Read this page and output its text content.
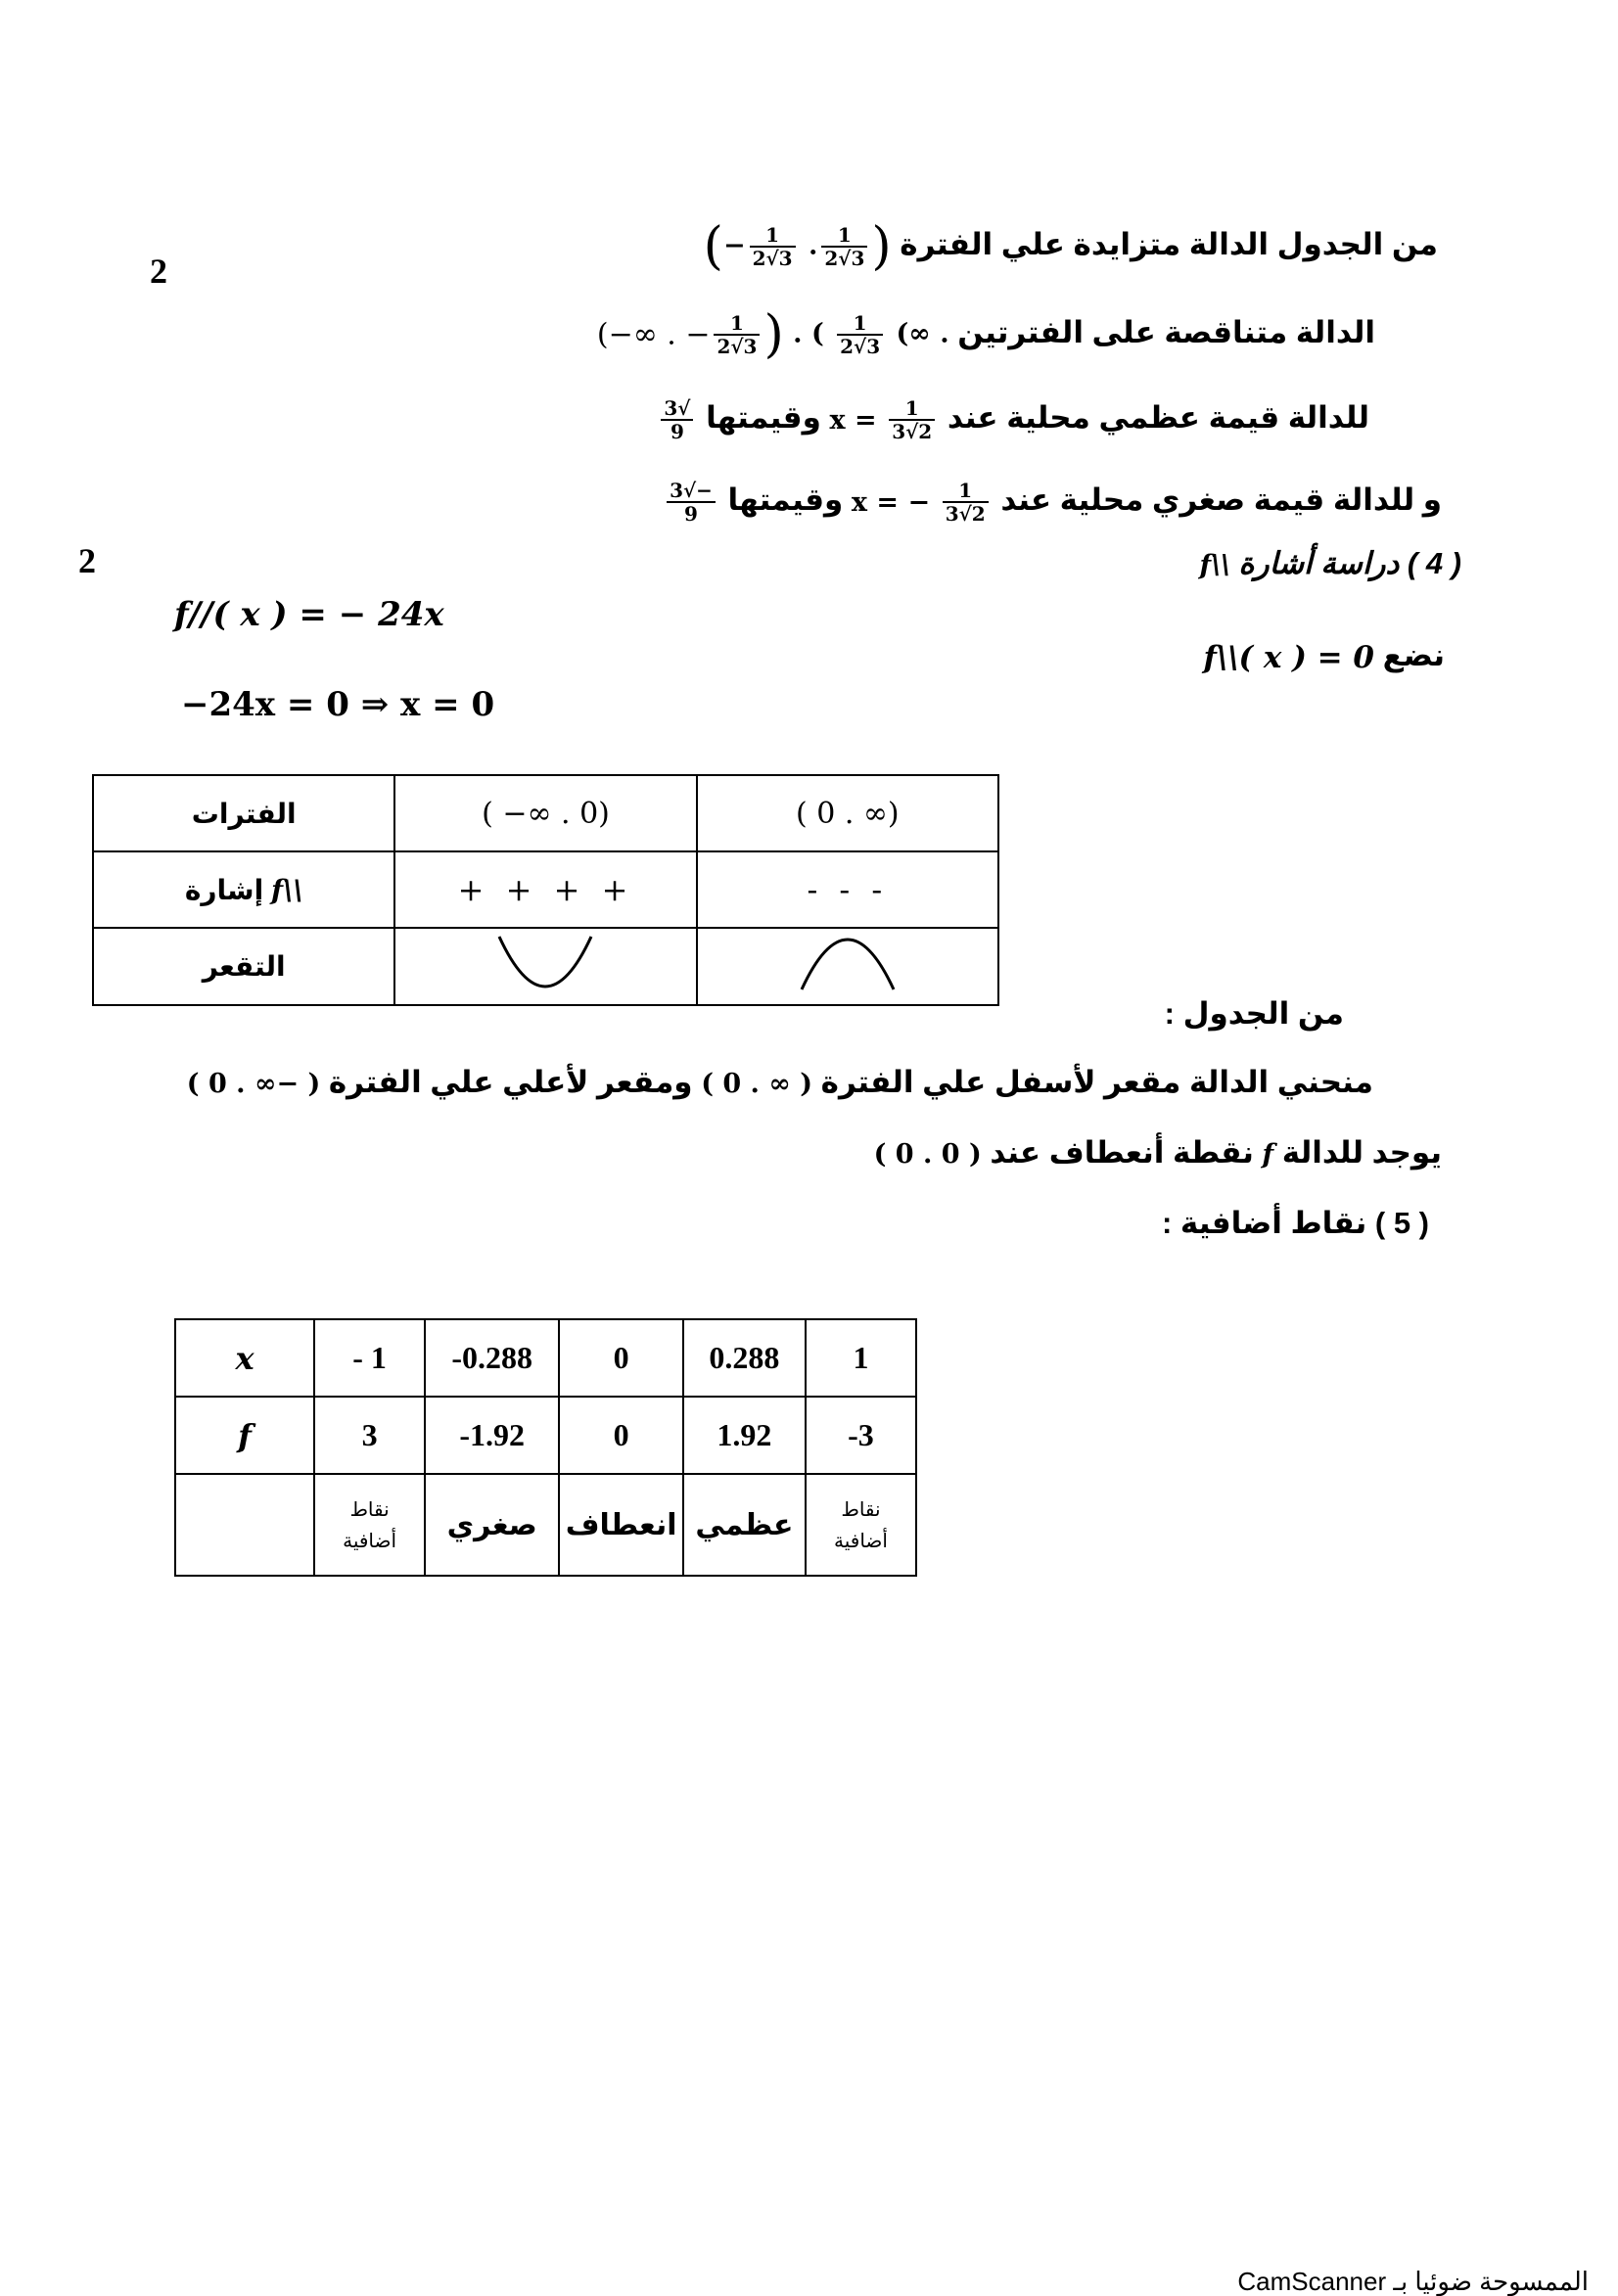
2
2
من الجدول الدالة متزايدة علي الفترة (− $\frac{1}{2√3}$ . $\frac{1}{2√3}$ )
الدالة متناقصة على الفترتين (−∞ . − $\frac{1}{2√3}$ ) . ( $\frac{1}{2√3}$ (∞ .
للدالة قيمة عظمي محلية عند
$\frac{1}{2√3}$
x = وقيمتها
$\frac{√3}{9}$
و للدالة قيمة صغري محلية عند
$\frac{1}{2√3}$
x = − وقيمتها
$\frac{-√3}{9}$
( 4 ) دراسة أشارة f\\
f//( x ) = − 24x
نضع f\\( x ) = 0
−24x = 0 ⇒ x = 0
الفترات	( −∞ . 0)	( 0 . ∞)
إشارة f\\	+ + + +	- - -
التقعر		
من الجدول :
منحني الدالة مقعر لأسفل علي الفترة ( 0 . ∞ ) ومقعر لأعلي علي الفترة ( 0 . ∞− )
يوجد للدالة f نقطة أنعطاف عند ( 0 . 0 )
( 5 ) نقاط أضافية :
x	- 1	-0.288	0	0.288	1
f	3	-1.92	0	1.92	-3
	نقاط أضافية	صغري	انعطاف	عظمي	نقاط أضافية
الممسوحة ضوئيا بـ CamScanner
